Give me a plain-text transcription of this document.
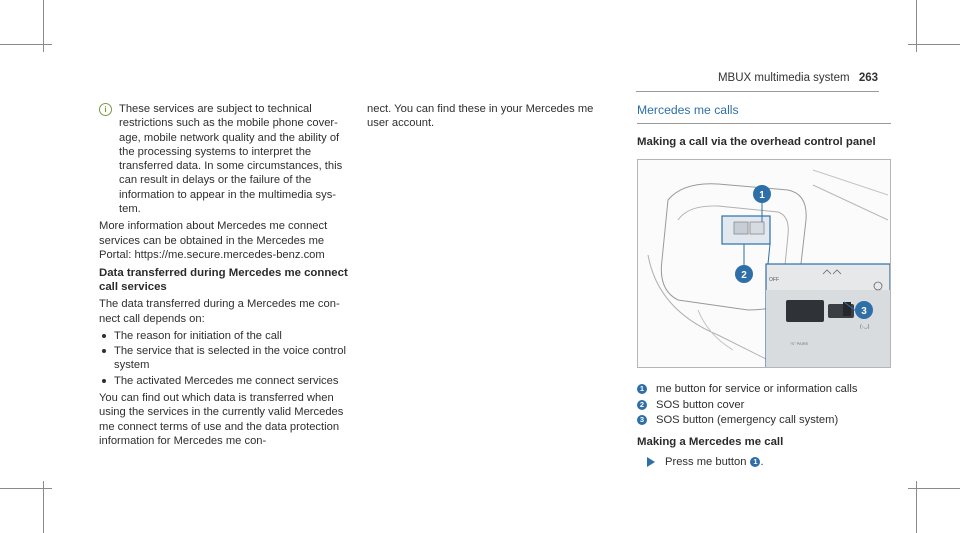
MBUX multimedia system 263
i	These services are subject to technical restrictions such as the mobile phone coverage, mobile network quality and the ability of the processing systems to interpret the transferred data. In some circumstances, this can result in delays or the failure of the information to appear in the multimedia system.

More information about Mercedes me connect services can be obtained in the Mercedes me Portal: https://me.secure.mercedes-benz.com

Data transferred during Mercedes me connect call services

The data transferred during a Mercedes me connect call depends on:

The reason for initiation of the call
The service that is selected in the voice control system
The activated Mercedes me connect services

You can find out which data is transferred when using the services in the currently valid Mercedes me connect terms of use and the data protection information for Mercedes me con-

nect. You can find these in your Mercedes me user account.

Mercedes me calls
Making a call via the overhead control panel
OFF
(·◡)
"S" PAIRE
1
2
3
1 me button for service or information calls
2 SOS button cover
3 SOS button (emergency call system)
Making a Mercedes me call
Press me button 1 .
